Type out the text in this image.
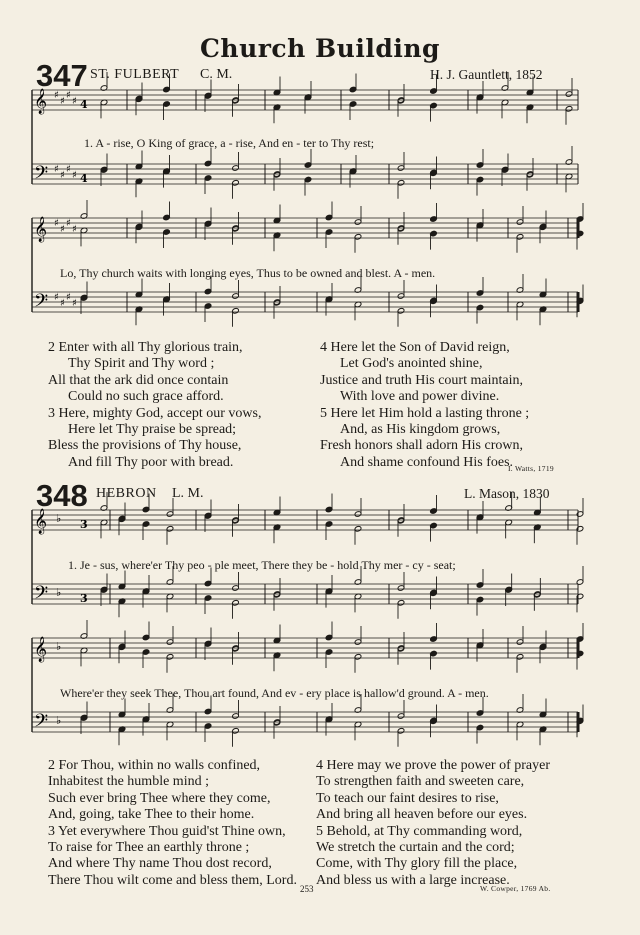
Church Building
347 ST. FULBERT C. M.	H. J. Gauntlett, 1852
𝄞 ♯
♯
♯
♯ 4
𝄢 ♯
♯
♯
♯ 4
1. A - rise, O King of grace, a - rise, And en - ter to Thy rest;
𝄞 ♯
♯
♯
♯
𝄢 ♯
♯
♯
♯
Lo, Thy church waits with longing eyes, Thus to be owned and blest. A - men.
2 Enter with all Thy glorious train,
Thy Spirit and Thy word ;
All that the ark did once contain
Could no such grace afford.
3 Here, mighty God, accept our vows,
Here let Thy praise be spread;
Bless the provisions of Thy house,
And fill Thy poor with bread.
4 Here let the Son of David reign,
Let God's anointed shine,
Justice and truth His court maintain,
With love and power divine.
5 Here let Him hold a lasting throne ;
And, as His kingdom grows,
Fresh honors shall adorn His crown,
And shame confound His foes.
I. Watts, 1719
348 HEBRON L. M.	L. Mason, 1830
𝄞 ♭ 3
𝄢 ♭ 3
1. Je - sus, where'er Thy peo - ple meet, There they be - hold Thy mer - cy - seat;
𝄞 ♭
𝄢 ♭
Where'er they seek Thee, Thou art found, And ev - ery place is hallow'd ground. A - men.
2 For Thou, within no walls confined,
Inhabitest the humble mind ;
Such ever bring Thee where they come,
And, going, take Thee to their home.
3 Yet everywhere Thou guid'st Thine own,
To raise for Thee an earthly throne ;
And where Thy name Thou dost record,
There Thou wilt come and bless them, Lord.
4 Here may we prove the power of prayer
To strengthen faith and sweeten care,
To teach our faint desires to rise,
And bring all heaven before our eyes.
5 Behold, at Thy commanding word,
We stretch the curtain and the cord;
Come, with Thy glory fill the place,
And bless us with a large increase.
253	W. Cowper, 1769 Ab.
